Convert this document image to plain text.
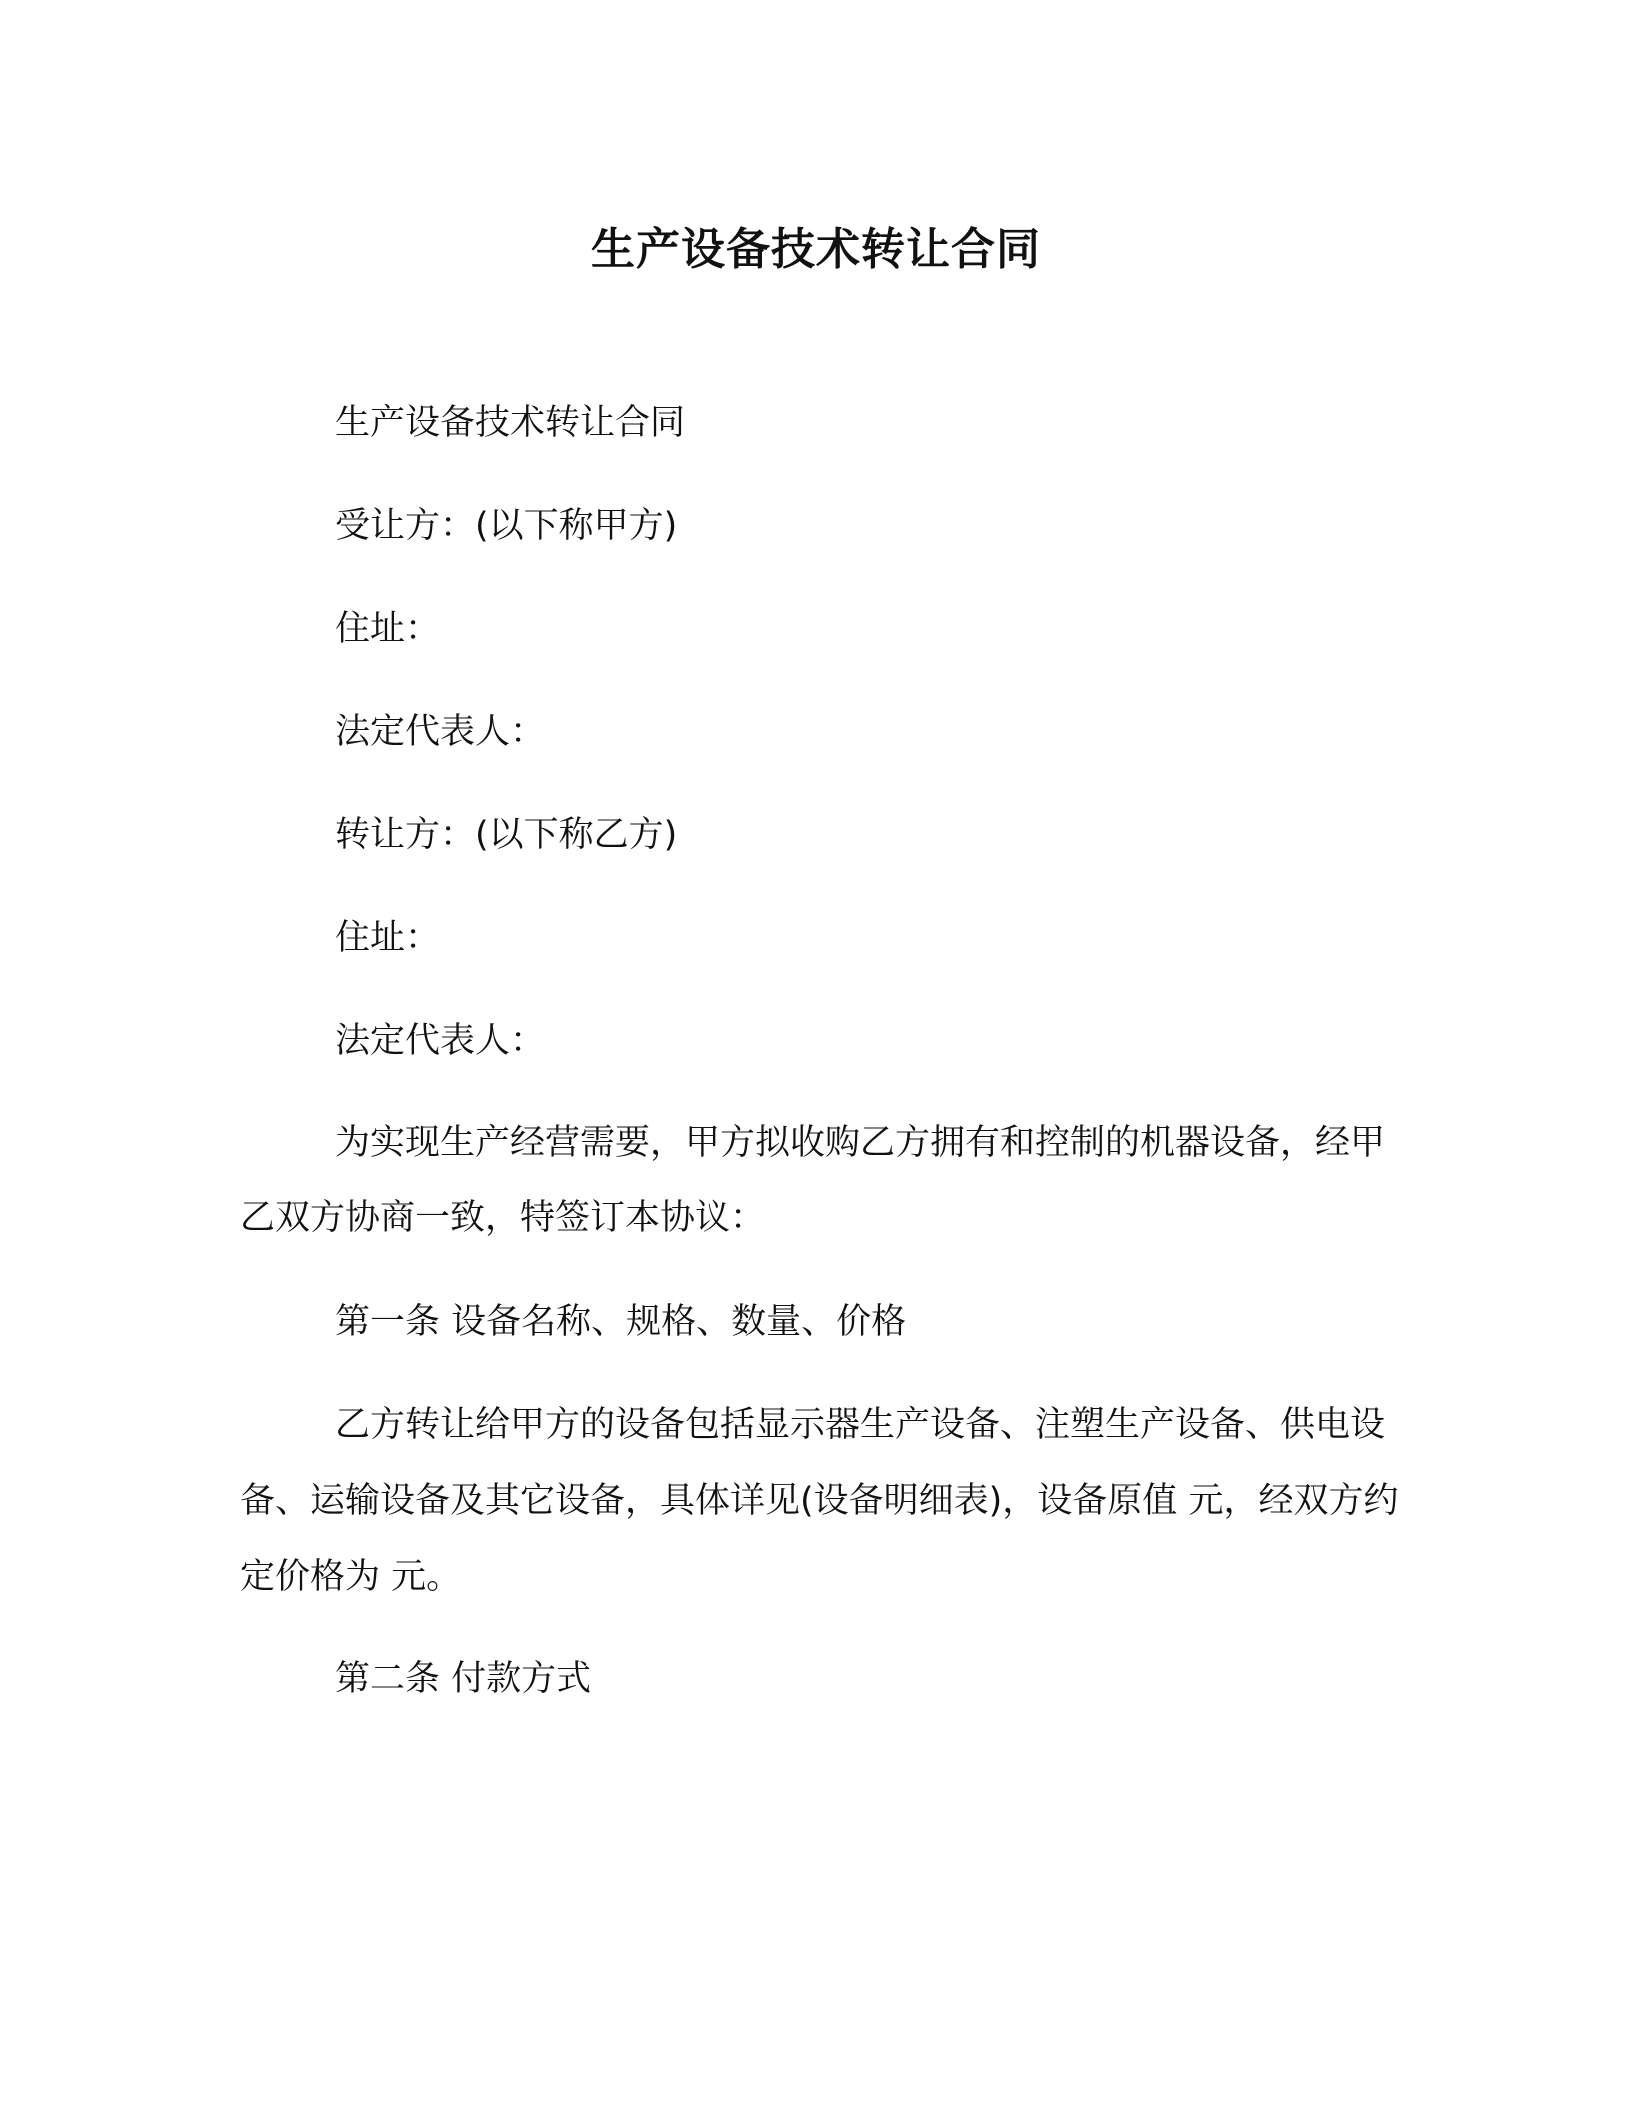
生产设备技术转让合同

生产设备技术转让合同

受让方：(以下称甲方)

住址：

法定代表人：

转让方：(以下称乙方)

住址：

法定代表人：

为实现生产经营需要，甲方拟收购乙方拥有和控制的机器设备，经甲乙双方协商一致，特签订本协议：

第一条 设备名称、规格、数量、价格

乙方转让给甲方的设备包括显示器生产设备、注塑生产设备、供电设备、运输设备及其它设备，具体详见(设备明细表)，设备原值 元，经双方约定价格为 元。

第二条 付款方式
